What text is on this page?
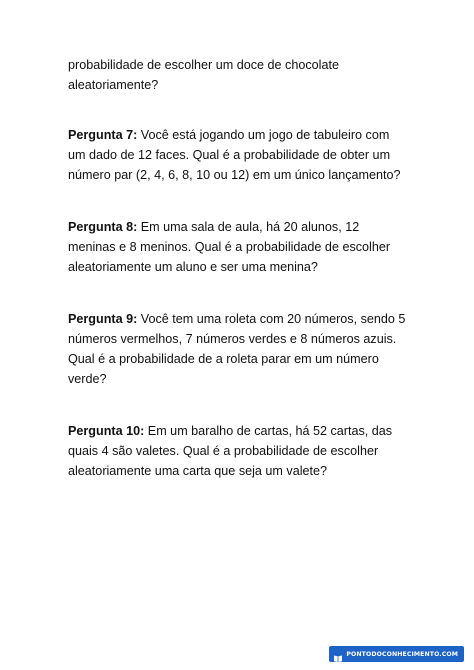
probabilidade de escolher um doce de chocolate aleatoriamente?

Pergunta 7: Você está jogando um jogo de tabuleiro com um dado de 12 faces. Qual é a probabilidade de obter um número par (2, 4, 6, 8, 10 ou 12) em um único lançamento?

Pergunta 8: Em uma sala de aula, há 20 alunos, 12 meninas e 8 meninos. Qual é a probabilidade de escolher aleatoriamente um aluno e ser uma menina?

Pergunta 9: Você tem uma roleta com 20 números, sendo 5 números vermelhos, 7 números verdes e 8 números azuis. Qual é a probabilidade de a roleta parar em um número verde?

Pergunta 10: Em um baralho de cartas, há 52 cartas, das quais 4 são valetes. Qual é a probabilidade de escolher aleatoriamente uma carta que seja um valete?

PONTODOCONHECIMENTO.COM
